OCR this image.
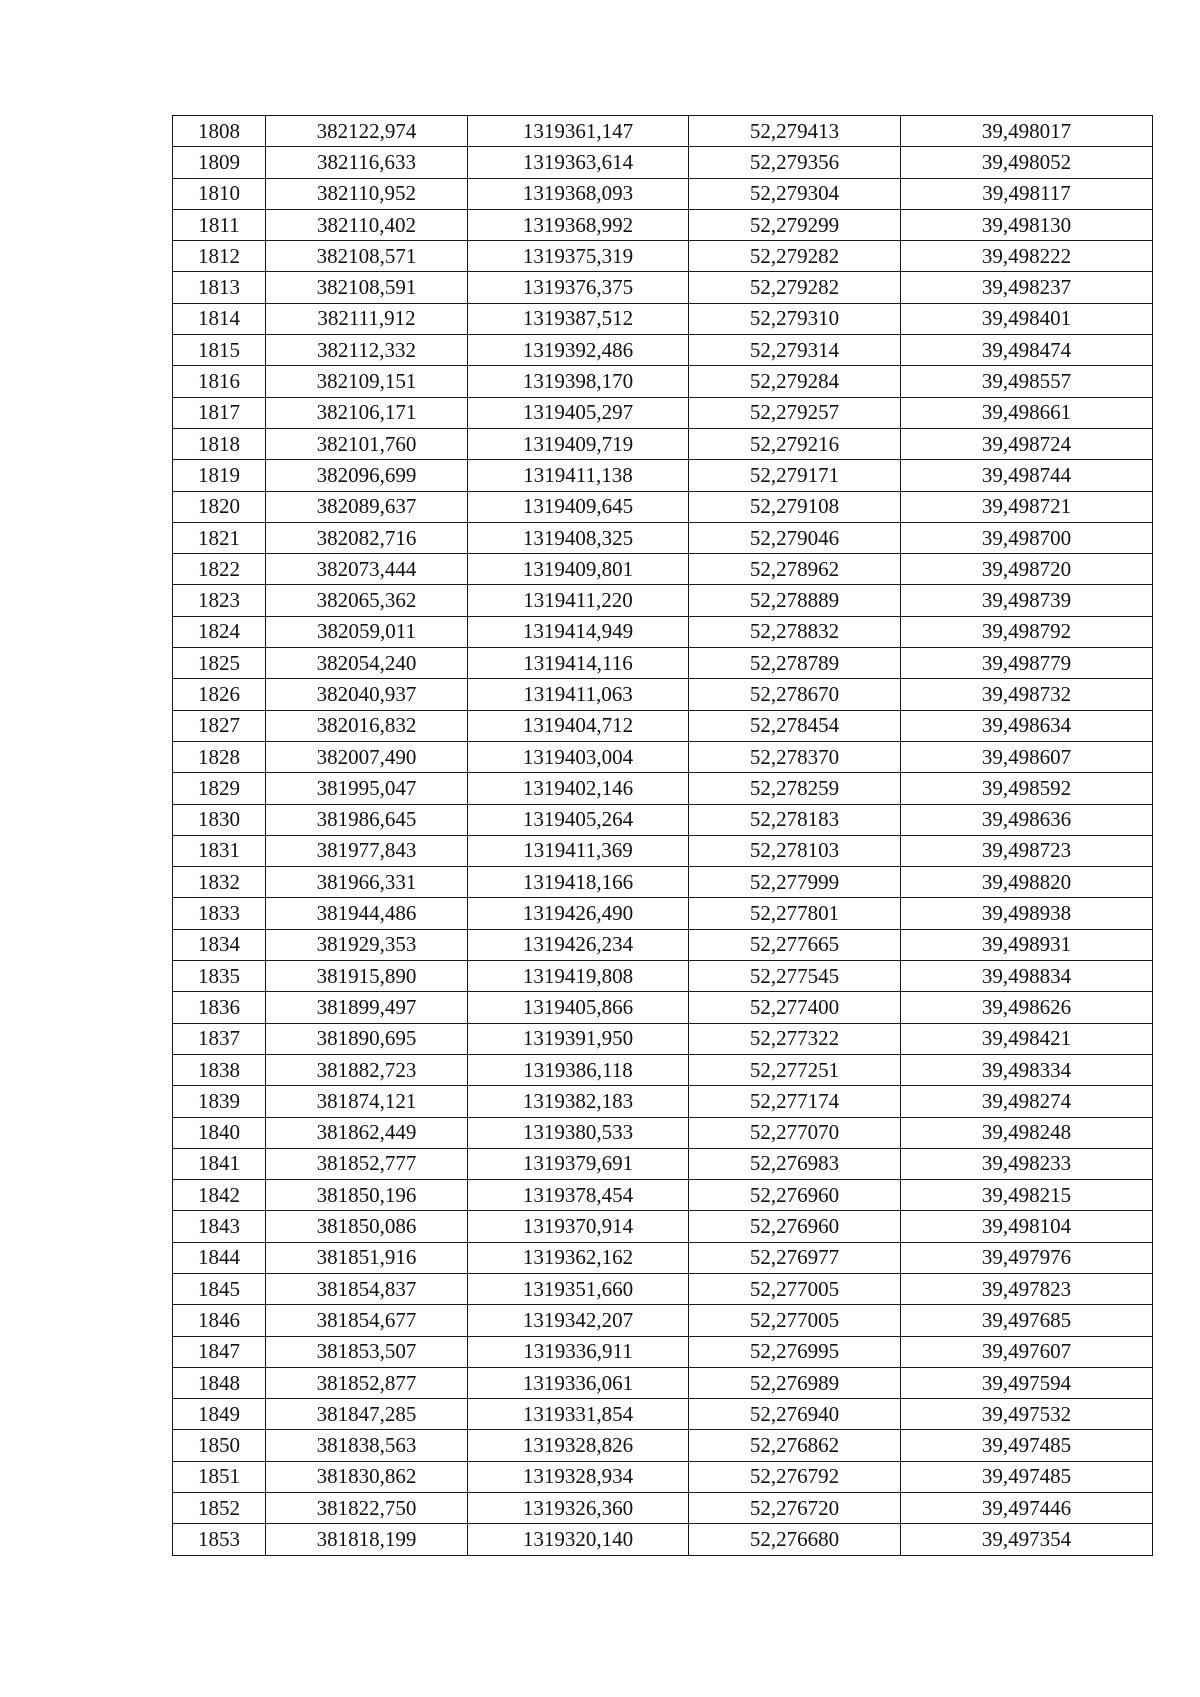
1808	382122,974	1319361,147	52,279413	39,498017
1809	382116,633	1319363,614	52,279356	39,498052
1810	382110,952	1319368,093	52,279304	39,498117
1811	382110,402	1319368,992	52,279299	39,498130
1812	382108,571	1319375,319	52,279282	39,498222
1813	382108,591	1319376,375	52,279282	39,498237
1814	382111,912	1319387,512	52,279310	39,498401
1815	382112,332	1319392,486	52,279314	39,498474
1816	382109,151	1319398,170	52,279284	39,498557
1817	382106,171	1319405,297	52,279257	39,498661
1818	382101,760	1319409,719	52,279216	39,498724
1819	382096,699	1319411,138	52,279171	39,498744
1820	382089,637	1319409,645	52,279108	39,498721
1821	382082,716	1319408,325	52,279046	39,498700
1822	382073,444	1319409,801	52,278962	39,498720
1823	382065,362	1319411,220	52,278889	39,498739
1824	382059,011	1319414,949	52,278832	39,498792
1825	382054,240	1319414,116	52,278789	39,498779
1826	382040,937	1319411,063	52,278670	39,498732
1827	382016,832	1319404,712	52,278454	39,498634
1828	382007,490	1319403,004	52,278370	39,498607
1829	381995,047	1319402,146	52,278259	39,498592
1830	381986,645	1319405,264	52,278183	39,498636
1831	381977,843	1319411,369	52,278103	39,498723
1832	381966,331	1319418,166	52,277999	39,498820
1833	381944,486	1319426,490	52,277801	39,498938
1834	381929,353	1319426,234	52,277665	39,498931
1835	381915,890	1319419,808	52,277545	39,498834
1836	381899,497	1319405,866	52,277400	39,498626
1837	381890,695	1319391,950	52,277322	39,498421
1838	381882,723	1319386,118	52,277251	39,498334
1839	381874,121	1319382,183	52,277174	39,498274
1840	381862,449	1319380,533	52,277070	39,498248
1841	381852,777	1319379,691	52,276983	39,498233
1842	381850,196	1319378,454	52,276960	39,498215
1843	381850,086	1319370,914	52,276960	39,498104
1844	381851,916	1319362,162	52,276977	39,497976
1845	381854,837	1319351,660	52,277005	39,497823
1846	381854,677	1319342,207	52,277005	39,497685
1847	381853,507	1319336,911	52,276995	39,497607
1848	381852,877	1319336,061	52,276989	39,497594
1849	381847,285	1319331,854	52,276940	39,497532
1850	381838,563	1319328,826	52,276862	39,497485
1851	381830,862	1319328,934	52,276792	39,497485
1852	381822,750	1319326,360	52,276720	39,497446
1853	381818,199	1319320,140	52,276680	39,497354
